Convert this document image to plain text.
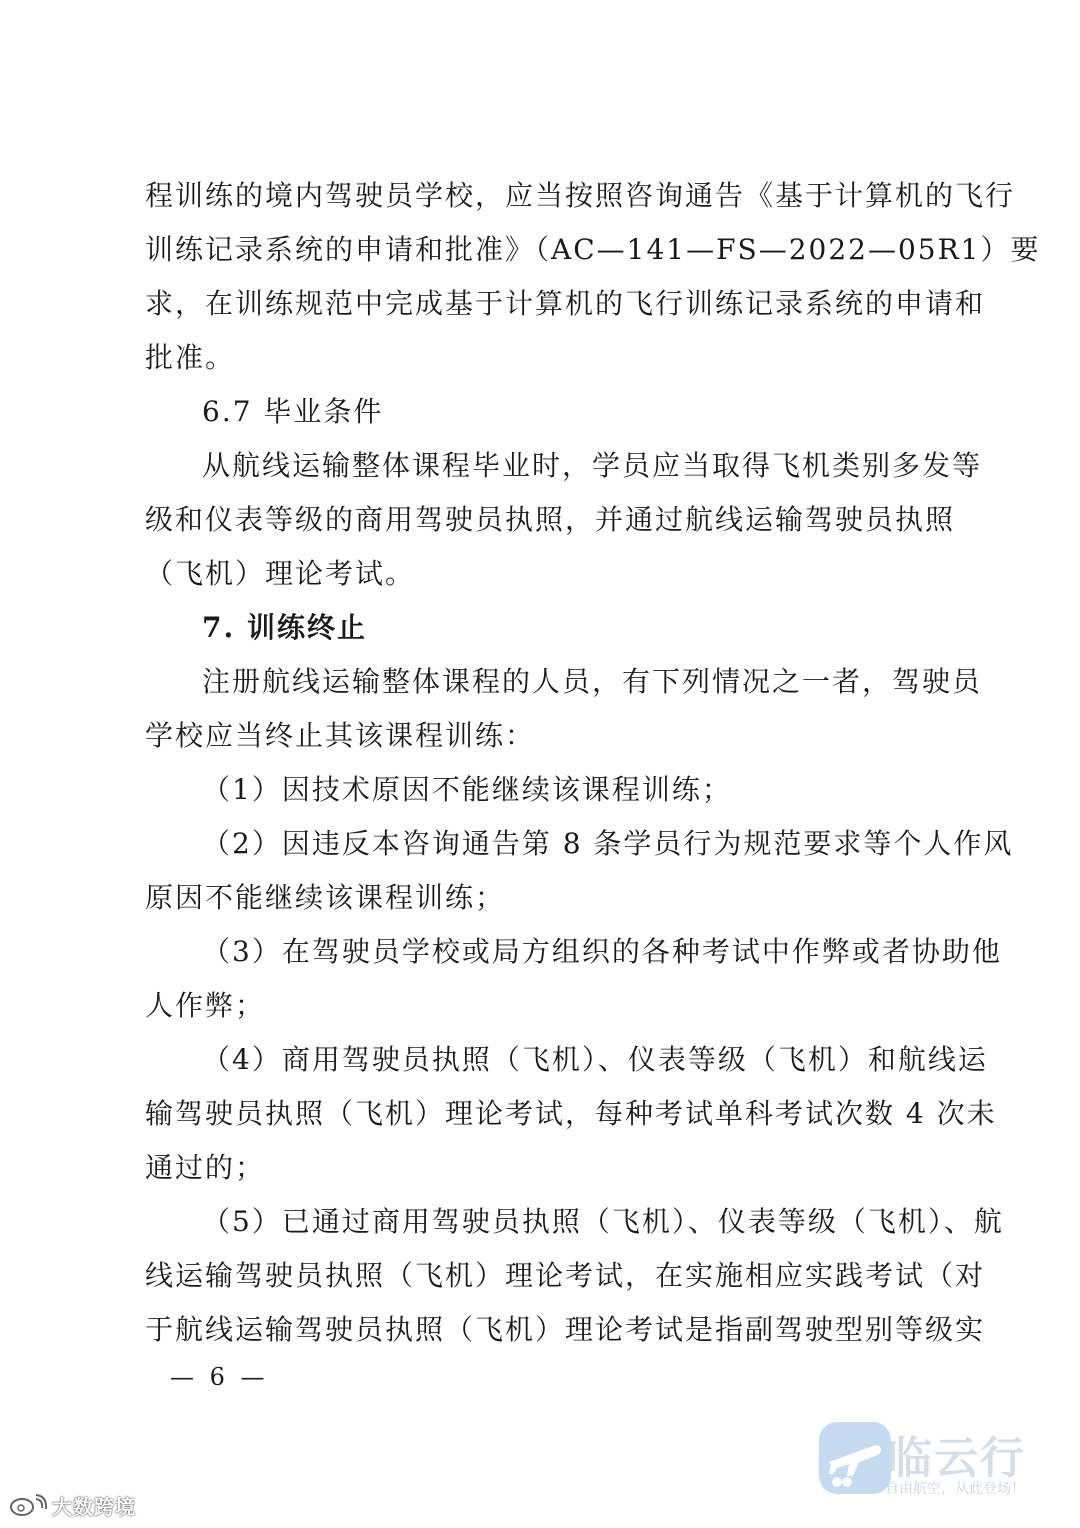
程训练的境内驾驶员学校，应当按照咨询通告《基于计算机的飞行
训练记录系统的申请和批准》（AC—141—FS—2022—05R1）要
求，在训练规范中完成基于计算机的飞行训练记录系统的申请和
批准。
6.7 毕业条件
从航线运输整体课程毕业时，学员应当取得飞机类别多发等
级和仪表等级的商用驾驶员执照，并通过航线运输驾驶员执照
（飞机）理论考试。
7. 训练终止
注册航线运输整体课程的人员，有下列情况之一者，驾驶员
学校应当终止其该课程训练：
（1）因技术原因不能继续该课程训练；
（2）因违反本咨询通告第 8 条学员行为规范要求等个人作风
原因不能继续该课程训练；
（3）在驾驶员学校或局方组织的各种考试中作弊或者协助他
人作弊；
（4）商用驾驶员执照（飞机）、仪表等级（飞机）和航线运
输驾驶员执照（飞机）理论考试，每种考试单科考试次数 4 次未
通过的；
（5）已通过商用驾驶员执照（飞机）、仪表等级（飞机）、航
线运输驾驶员执照（飞机）理论考试，在实施相应实践考试（对
于航线运输驾驶员执照（飞机）理论考试是指副驾驶型别等级实
— 6 —
临云行
自由航空，从此登场！
大数跨境
